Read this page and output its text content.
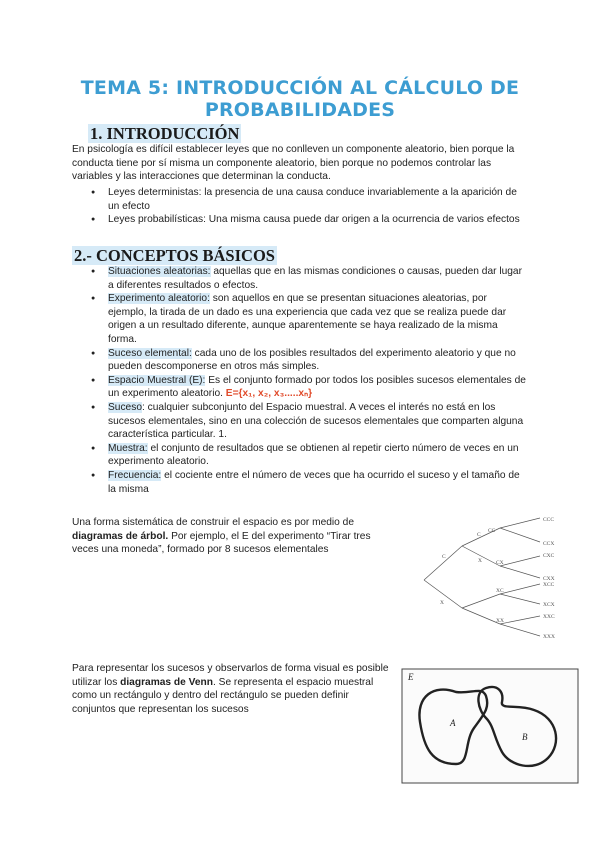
TEMA 5: INTRODUCCIÓN AL CÁLCULO DE
PROBABILIDADES
1. INTRODUCCIÓN
En psicología es difícil establecer leyes que no conlleven un componente aleatorio, bien porque la conducta tiene por sí misma un componente aleatorio, bien porque no podemos controlar las variables y las interacciones que determinan la conducta.
● Leyes deterministas: la presencia de una causa conduce invariablemente a la aparición de un efecto
● Leyes probabilísticas: Una misma causa puede dar origen a la ocurrencia de varios efectos
2.- CONCEPTOS BÁSICOS
● Situaciones aleatorias: aquellas que en las mismas condiciones o causas, pueden dar lugar a diferentes resultados o efectos.
● Experimento aleatorio: son aquellos en que se presentan situaciones aleatorias, por ejemplo, la tirada de un dado es una experiencia que cada vez que se realiza puede dar origen a un resultado diferente, aunque aparentemente se haya realizado de la misma forma.
● Suceso elemental: cada uno de los posibles resultados del experimento aleatorio y que no pueden descomponerse en otros más simples.
● Espacio Muestral (E): Es el conjunto formado por todos los posibles sucesos elementales de un experimento aleatorio. E={x₁, x₂, x₃.....xₙ}
● Suceso: cualquier subconjunto del Espacio muestral. A veces el interés no está en los sucesos elementales, sino en una colección de sucesos elementales que comparten alguna característica particular. 1.
● Muestra: el conjunto de resultados que se obtienen al repetir cierto número de veces en un experimento aleatorio.
● Frecuencia: el cociente entre el número de veces que ha ocurrido el suceso y el tamaño de la misma
Una forma sistemática de construir el espacio es por medio de diagramas de árbol. Por ejemplo, el E del experimento “Tirar tres veces una moneda”, formado por 8 sucesos elementales
C
X
C
X
CC
CX
XC
XX
CCC
CCX
CXC
CXX
XCC
XCX
XXC
XXX
Para representar los sucesos y observarlos de forma visual es posible utilizar los diagramas de Venn. Se representa el espacio muestral como un rectángulo y dentro del rectángulo se pueden definir conjuntos que representan los sucesos
E
A
B
